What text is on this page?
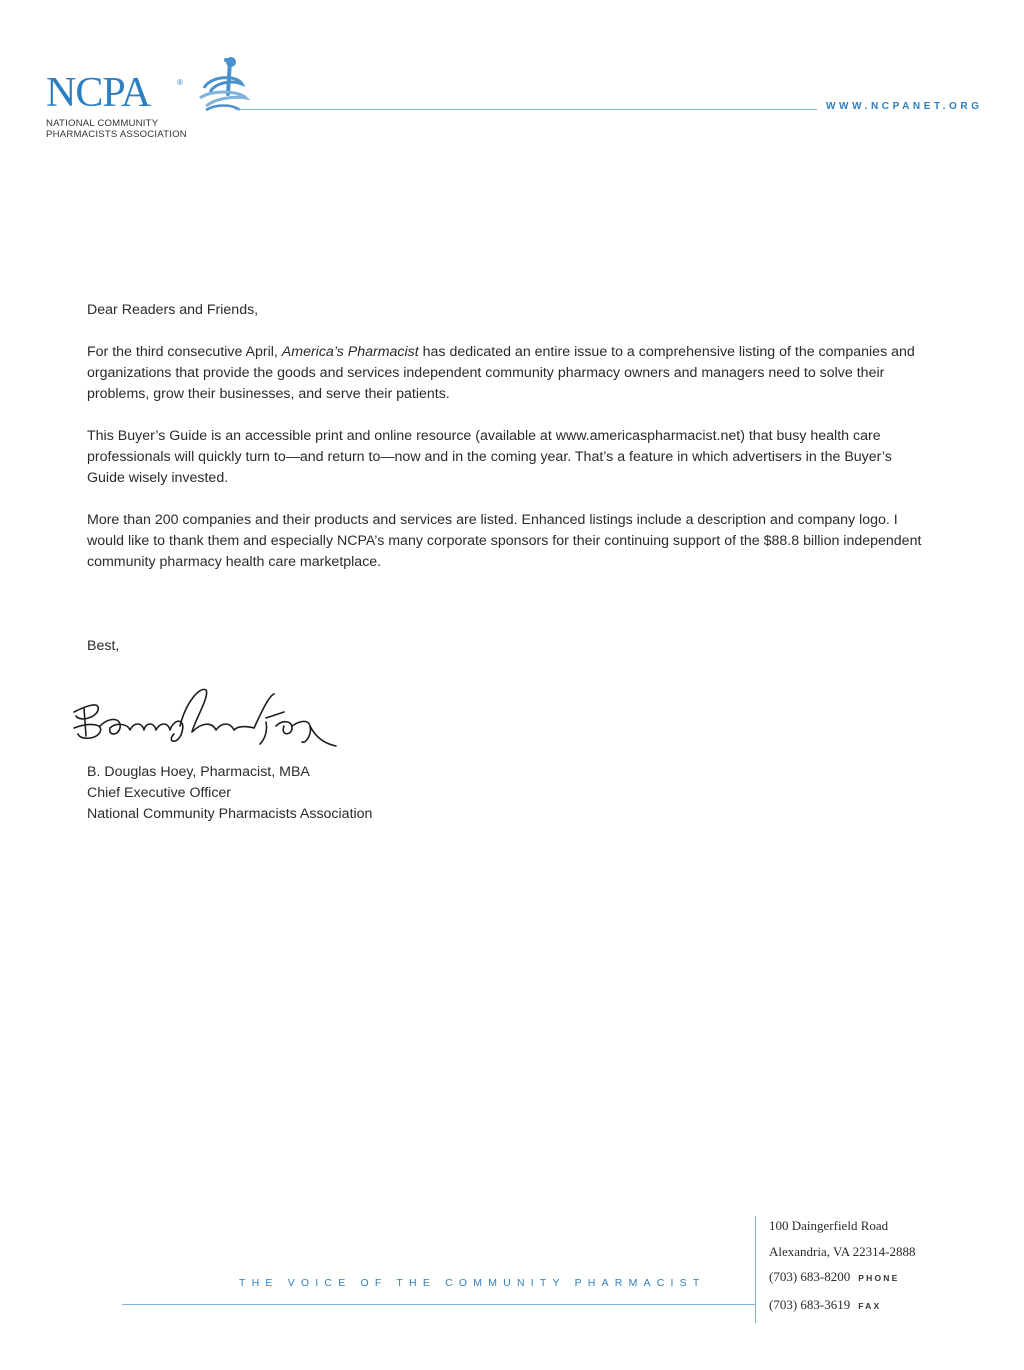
NCPA	®
NATIONAL COMMUNITY
PHARMACISTS ASSOCIATION
WWW.NCPANET.ORG

Dear Readers and Friends,

For the third consecutive April, America’s Pharmacist has dedicated an entire issue to a comprehensive listing of the companies and organizations that provide the goods and services independent community pharmacy owners and managers need to solve their problems, grow their businesses, and serve their patients.

This Buyer’s Guide is an accessible print and online resource (available at www.americaspharmacist.net) that busy health care professionals will quickly turn to—and return to—now and in the coming year. That’s a feature in which advertisers in the Buyer’s Guide wisely invested.

More than 200 companies and their products and services are listed. Enhanced listings include a description and company logo. I would like to thank them and especially NCPA’s many corporate sponsors for their continuing support of the $88.8 billion independent community pharmacy health care marketplace.

Best,
B. Douglas Hoey, Pharmacist, MBA
Chief Executive Officer
National Community Pharmacists Association
THE VOICE OF THE COMMUNITY PHARMACIST
100 Daingerfield Road
Alexandria, VA 22314-2888
(703) 683-8200 PHONE
(703) 683-3619 FAX
